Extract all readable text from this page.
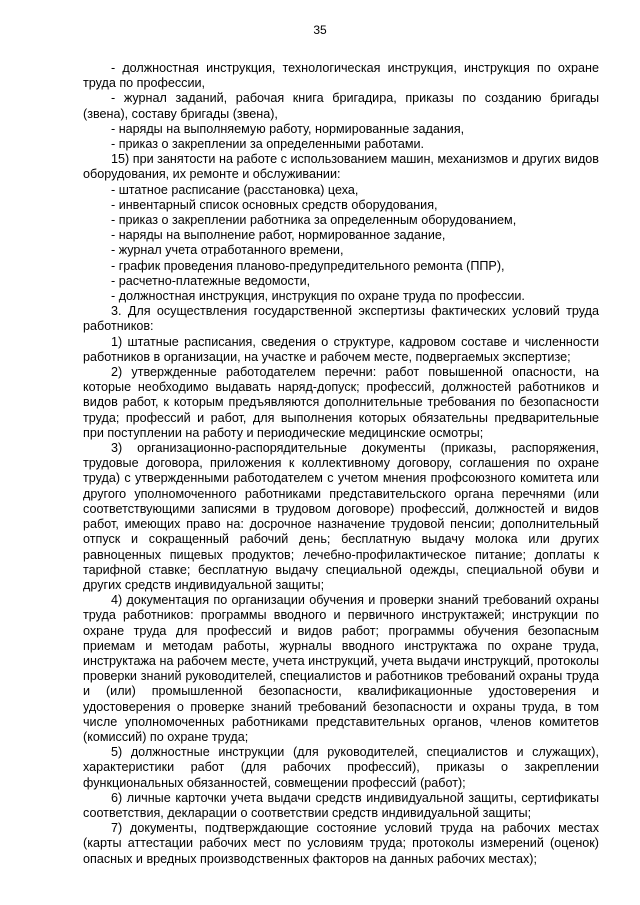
35

- должностная инструкция, технологическая инструкция, инструкция по охране труда по профессии,

- журнал заданий, рабочая книга бригадира, приказы по созданию бригады (звена), составу бригады (звена),

- наряды на выполняемую работу, нормированные задания,

- приказ о закреплении за определенными работами.

15) при занятости на работе с использованием машин, механизмов и других видов оборудования, их ремонте и обслуживании:

- штатное расписание (расстановка) цеха,

- инвентарный список основных средств оборудования,

- приказ о закреплении работника за определенным оборудованием,

- наряды на выполнение работ, нормированное задание,

- журнал учета отработанного времени,

- график проведения планово-предупредительного ремонта (ППР),

- расчетно-платежные ведомости,

- должностная инструкция, инструкция по охране труда по профессии.

3. Для осуществления государственной экспертизы фактических условий труда работников:

1) штатные расписания, сведения о структуре, кадровом составе и численности работников в организации, на участке и рабочем месте, подвергаемых экспертизе;

2) утвержденные работодателем перечни: работ повышенной опасности, на которые необходимо выдавать наряд-допуск; профессий, должностей работников и видов работ, к которым предъявляются дополнительные требования по безопасности труда; профессий и работ, для выполнения которых обязательны предварительные при поступлении на работу и периодические медицинские осмотры;

3) организационно-распорядительные документы (приказы, распоряжения, трудовые договора, приложения к коллективному договору, соглашения по охране труда) с утвержденными работодателем с учетом мнения профсоюзного комитета или другого уполномоченного работниками представительского органа перечнями (или соответствующими записями в трудовом договоре) профессий, должностей и видов работ, имеющих право на: досрочное назначение трудовой пенсии; дополнительный отпуск и сокращенный рабочий день; бесплатную выдачу молока или других равноценных пищевых продуктов; лечебно-профилактическое питание; доплаты к тарифной ставке; бесплатную выдачу специальной одежды, специальной обуви и других средств индивидуальной защиты;

4) документация по организации обучения и проверки знаний требований охраны труда работников: программы вводного и первичного инструктажей; инструкции по охране труда для профессий и видов работ; программы обучения безопасным приемам и методам работы, журналы вводного инструктажа по охране труда, инструктажа на рабочем месте, учета инструкций, учета выдачи инструкций, протоколы проверки знаний руководителей, специалистов и работников требований охраны труда и (или) промышленной безопасности, квалификационные удостоверения и удостоверения о проверке знаний требований безопасности и охраны труда, в том числе уполномоченных работниками представительных органов, членов комитетов (комиссий) по охране труда;

5) должностные инструкции (для руководителей, специалистов и служащих), характеристики работ (для рабочих профессий), приказы о закреплении функциональных обязанностей, совмещении профессий (работ);

6) личные карточки учета выдачи средств индивидуальной защиты, сертификаты соответствия, декларации о соответствии средств индивидуальной защиты;

7) документы, подтверждающие состояние условий труда на рабочих местах (карты аттестации рабочих мест по условиям труда; протоколы измерений (оценок) опасных и вредных производственных факторов на данных рабочих местах);
